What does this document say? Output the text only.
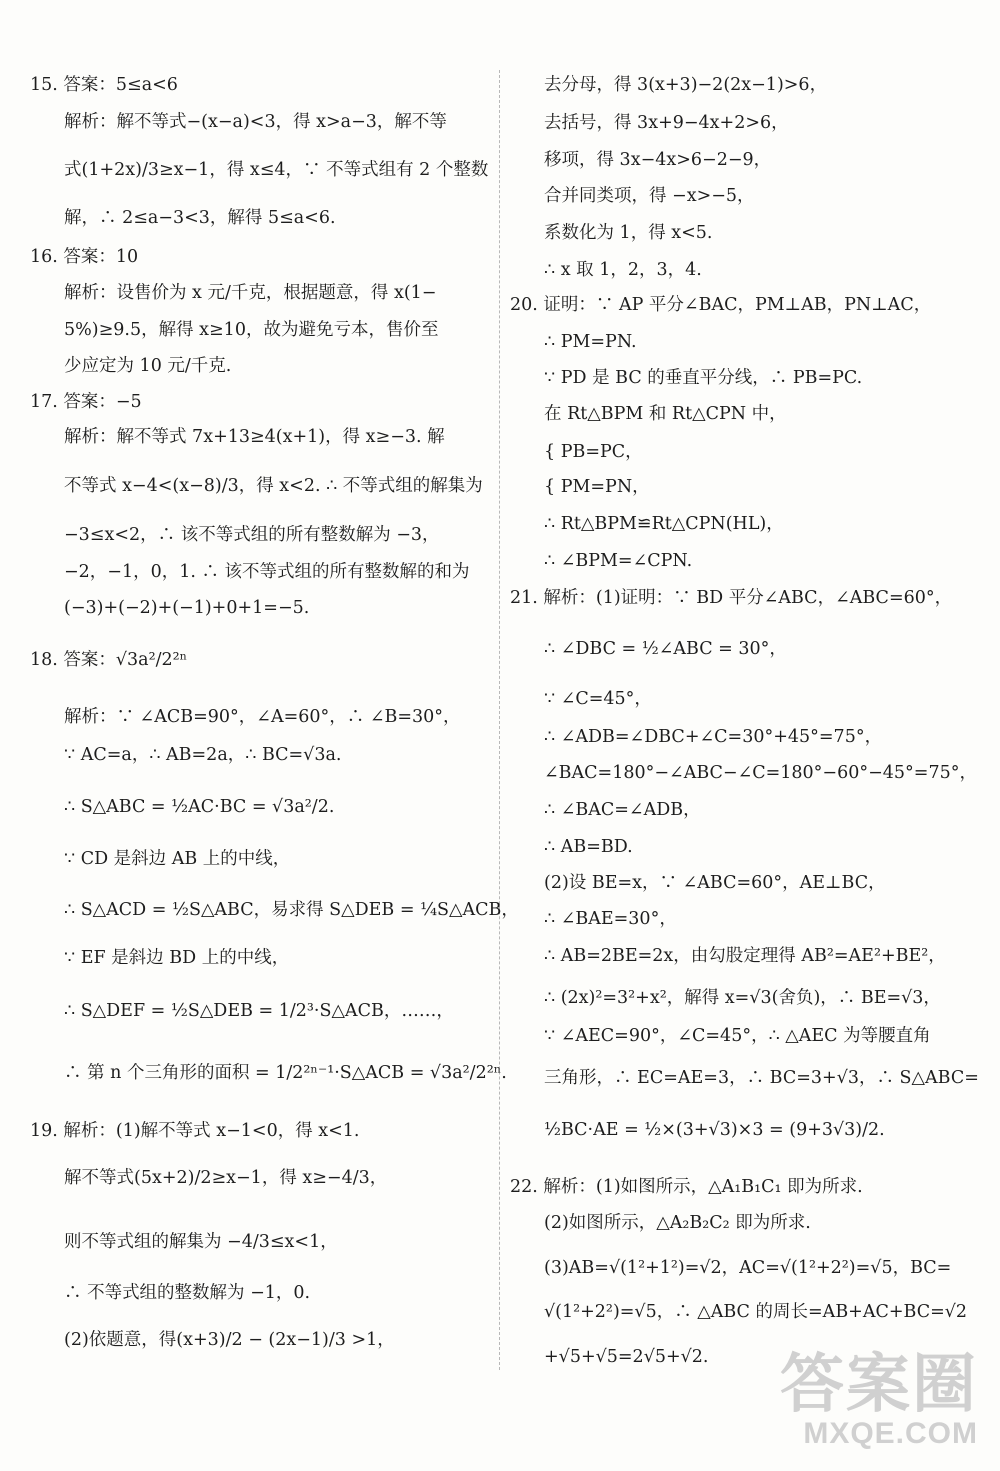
15. 答案：5≤a<6
解析：解不等式−(x−a)<3，得 x>a−3，解不等
式(1+2x)/3≥x−1，得 x≤4，∵ 不等式组有 2 个整数
解，∴ 2≤a−3<3，解得 5≤a<6.
16. 答案：10
解析：设售价为 x 元/千克，根据题意，得 x(1−
5%)≥9.5，解得 x≥10，故为避免亏本，售价至
少应定为 10 元/千克.
17. 答案：−5
解析：解不等式 7x+13≥4(x+1)，得 x≥−3. 解
不等式 x−4<(x−8)/3，得 x<2. ∴ 不等式组的解集为
−3≤x<2，∴ 该不等式组的所有整数解为 −3，
−2，−1，0，1. ∴ 该不等式组的所有整数解的和为
(−3)+(−2)+(−1)+0+1=−5.
18. 答案：√3a²/2²ⁿ
解析：∵ ∠ACB=90°，∠A=60°，∴ ∠B=30°，
∵ AC=a，∴ AB=2a，∴ BC=√3a.
∴ S△ABC = ½AC·BC = √3a²/2.
∵ CD 是斜边 AB 上的中线，
∴ S△ACD = ½S△ABC，易求得 S△DEB = ¼S△ACB，
∵ EF 是斜边 BD 上的中线，
∴ S△DEF = ½S△DEB = 1/2³·S△ACB，……，
∴ 第 n 个三角形的面积 = 1/2²ⁿ⁻¹·S△ACB = √3a²/2²ⁿ.
19. 解析：(1)解不等式 x−1<0，得 x<1.
解不等式(5x+2)/2≥x−1，得 x≥−4/3，
则不等式组的解集为 −4/3≤x<1，
∴ 不等式组的整数解为 −1，0.
(2)依题意，得(x+3)/2 − (2x−1)/3 >1，
去分母，得 3(x+3)−2(2x−1)>6，
去括号，得 3x+9−4x+2>6，
移项，得 3x−4x>6−2−9，
合并同类项，得 −x>−5，
系数化为 1，得 x<5.
∴ x 取 1，2，3，4.
20. 证明：∵ AP 平分∠BAC，PM⊥AB，PN⊥AC，
∴ PM=PN.
∵ PD 是 BC 的垂直平分线，∴ PB=PC.
在 Rt△BPM 和 Rt△CPN 中，
{ PB=PC，
{ PM=PN，
∴ Rt△BPM≌Rt△CPN(HL)，
∴ ∠BPM=∠CPN.
21. 解析：(1)证明：∵ BD 平分∠ABC，∠ABC=60°，
∴ ∠DBC = ½∠ABC = 30°，
∵ ∠C=45°，
∴ ∠ADB=∠DBC+∠C=30°+45°=75°，
∠BAC=180°−∠ABC−∠C=180°−60°−45°=75°，
∴ ∠BAC=∠ADB，
∴ AB=BD.
(2)设 BE=x，∵ ∠ABC=60°，AE⊥BC，
∴ ∠BAE=30°，
∴ AB=2BE=2x，由勾股定理得 AB²=AE²+BE²，
∴ (2x)²=3²+x²，解得 x=√3(舍负)，∴ BE=√3，
∵ ∠AEC=90°，∠C=45°，∴ △AEC 为等腰直角
三角形，∴ EC=AE=3，∴ BC=3+√3，∴ S△ABC=
½BC·AE = ½×(3+√3)×3 = (9+3√3)/2.
22. 解析：(1)如图所示，△A₁B₁C₁ 即为所求.
(2)如图所示，△A₂B₂C₂ 即为所求.
(3)AB=√(1²+1²)=√2，AC=√(1²+2²)=√5，BC=
√(1²+2²)=√5，∴ △ABC 的周长=AB+AC+BC=√2
+√5+√5=2√5+√2. 答案圈
MXQE.COM
